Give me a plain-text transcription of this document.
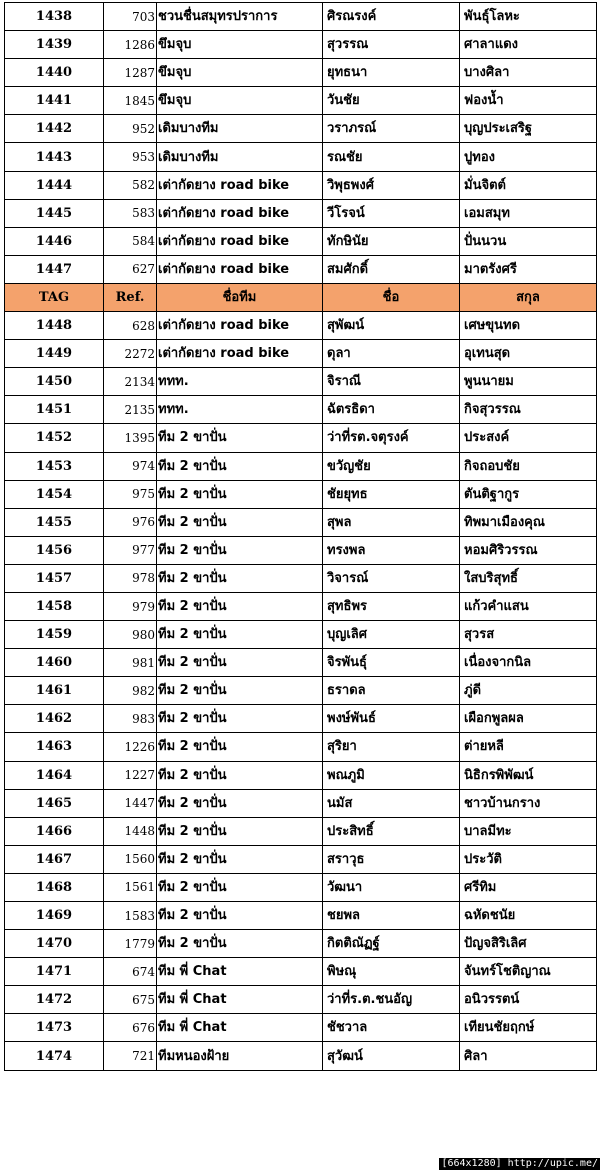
1438	703	ชวนชื่นสมุทรปราการ	ศิรณรงค์	พันธุ์โลหะ
1439	1286	ขึมจุบ	สุวรรณ	ศาลาแดง
1440	1287	ขึมจุบ	ยุทธนา	บางศิลา
1441	1845	ขึมจุบ	วันชัย	ฟองน้ำ
1442	952	เดิมบางทีม	วราภรณ์	บุญประเสริฐ
1443	953	เดิมบางทีม	รณชัย	ปูทอง
1444	582	เต่ากัดยาง road bike	วิพุธพงศ์	มั่นจิตต์
1445	583	เต่ากัดยาง road bike	วีโรจน์	เอมสมุท
1446	584	เต่ากัดยาง road bike	ทักษินัย	ปั่นนวน
1447	627	เต่ากัดยาง road bike	สมศักดิ์	มาตรังศรี
TAG	Ref.	ชื่อทีม	ชื่อ	สกุล
1448	628	เต่ากัดยาง road bike	สุพัฒน์	เศษขุนทด
1449	2272	เต่ากัดยาง road bike	ดุลา	อุเทนสุด
1450	2134	ททท.	จิราณี	พูนนายม
1451	2135	ททท.	ฉัตรธิดา	กิจสุวรรณ
1452	1395	ทีม 2 ขาปั่น	ว่าที่รต.จตุรงค์	ประสงค์
1453	974	ทีม 2 ขาปั่น	ขวัญชัย	กิจถอบชัย
1454	975	ทีม 2 ขาปั่น	ชัยยุทธ	ตันติฐากูร
1455	976	ทีม 2 ขาปั่น	สุพล	ทิพมาเมืองคุณ
1456	977	ทีม 2 ขาปั่น	ทรงพล	หอมศิริวรรณ
1457	978	ทีม 2 ขาปั่น	วิจารณ์	ใสบริสุทธิ์
1458	979	ทีม 2 ขาปั่น	สุทธิพร	แก้วคำแสน
1459	980	ทีม 2 ขาปั่น	บุญเลิศ	สุวรส
1460	981	ทีม 2 ขาปั่น	จิรพันธุ์	เนื่องจากนิล
1461	982	ทีม 2 ขาปั่น	ธราดล	ภู่ดี
1462	983	ทีม 2 ขาปั่น	พงษ์พันธ์	เผือกพูลผล
1463	1226	ทีม 2 ขาปั่น	สุริยา	ต่ายหลี
1464	1227	ทีม 2 ขาปั่น	พณภูมิ	นิธิกรพิพัฒน์
1465	1447	ทีม 2 ขาปั่น	นมัส	ชาวบ้านกราง
1466	1448	ทีม 2 ขาปั่น	ประสิทธิ์	บาลมีทะ
1467	1560	ทีม 2 ขาปั่น	สราวุธ	ประวัติ
1468	1561	ทีม 2 ขาปั่น	วัฒนา	ศรีทิม
1469	1583	ทีม 2 ขาปั่น	ชยพล	ฉหัดชนัย
1470	1779	ทีม 2 ขาปั่น	กิตติณัฏฐ์	ปัญจสิริเลิศ
1471	674	ทีม พี่ Chat	พิษณุ	จันทร์โชติญาณ
1472	675	ทีม พี่ Chat	ว่าที่ร.ต.ชนอัญ	อนิวรรตน์
1473	676	ทีม พี่ Chat	ชัชวาล	เทียนชัยฤกษ์
1474	721	ทีมหนองฝ้าย	สุวัฒน์	ศิลา
[664x1280] http://upic.me/
